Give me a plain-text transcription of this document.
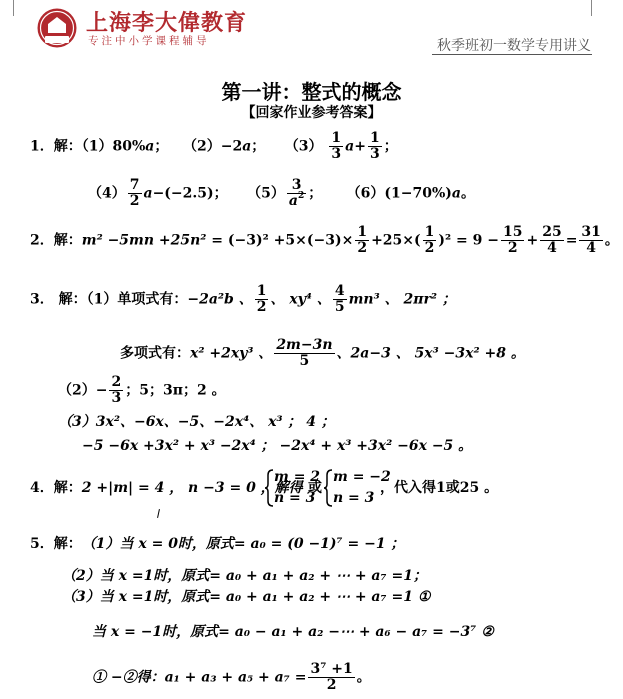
上海李大偉教育
专注中小学课程辅导	秋季班初一数学专用讲义
第一讲：整式的概念
【回家作业参考答案】
1．解：（1）80%a； （2）−2a； $(3) \frac{1}{3} a+ \frac{1}{3}$ ；
$(4) \frac{7}{2} a-(-2.5)$； $(5) \frac{3}{a^2}$ ； （6）(1−70%)a。
2．解：$m^2 -5mn +25n^2 = (-3)^2 +5\times(-3)\times \frac{1}{2} +25\times( \frac{1}{2} )^2 = 9 - \frac{15}{2} + \frac{25}{4} = \frac{31}{4}$ 。
3． 解：（1）单项式有：−2a²b 、 $\frac{1}{2}$ 、 xy⁴ 、 $\frac{4}{5} mn^3$ 、 2πr² ；
多项式有：x² +2xy³ 、 $\frac{2m-3n}{5}$ 、2a−3 、 5x³ −3x² +8 。
$(2)- \frac{2}{3}$ ；5；3π；2 。
（3）3x²、−6x、−5、−2x⁴、 x³ ； 4 ；
−5 −6x +3x² + x³ −2x⁴ ； −2x⁴ + x³ +3x² −6x −5 。
4．解：2 +|m| = 4 ， n −3 = 0 ，解得
m = 2
n = 3
或
m = −2
n = 3
，代入得1或25 。
5．解：（1）当 x = 0时，原式= a₀ = (0 −1)⁷ = −1 ；
（2）当 x =1时，原式= a₀ + a₁ + a₂ + ⋯ + a₇ =1；
（3）当 x =1时，原式= a₀ + a₁ + a₂ + ⋯ + a₇ =1 ①
当 x = −1时，原式= a₀ − a₁ + a₂ −⋯ + a₆ − a₇ = −3⁷ ②
① −②得：$a_1 + a_3 + a_5 + a_7 = \frac{\text{3⁷ +1}}{2}$ 。
